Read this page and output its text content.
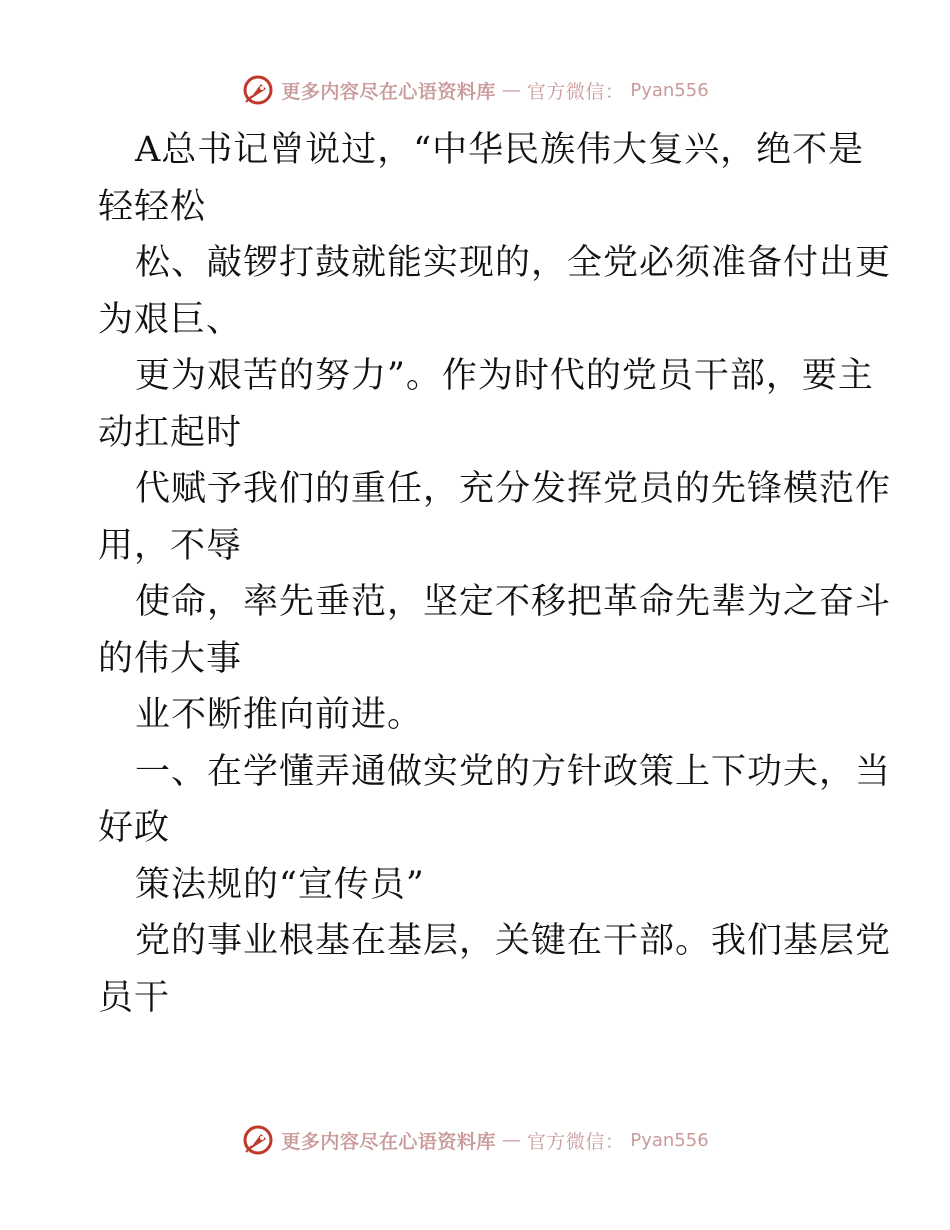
更多内容尽在心语资料库 — 官方微信： Pyan556
A总书记曾说过，“中华民族伟大复兴，绝不是
轻轻松
松、敲锣打鼓就能实现的，全党必须准备付出更
为艰巨、
更为艰苦的努力”。作为时代的党员干部，要主
动扛起时
代赋予我们的重任，充分发挥党员的先锋模范作
用，不辱
使命，率先垂范，坚定不移把革命先辈为之奋斗
的伟大事
业不断推向前进。
一、在学懂弄通做实党的方针政策上下功夫，当
好政
策法规的“宣传员”
党的事业根基在基层，关键在干部。我们基层党
员干
更多内容尽在心语资料库 — 官方微信： Pyan556
